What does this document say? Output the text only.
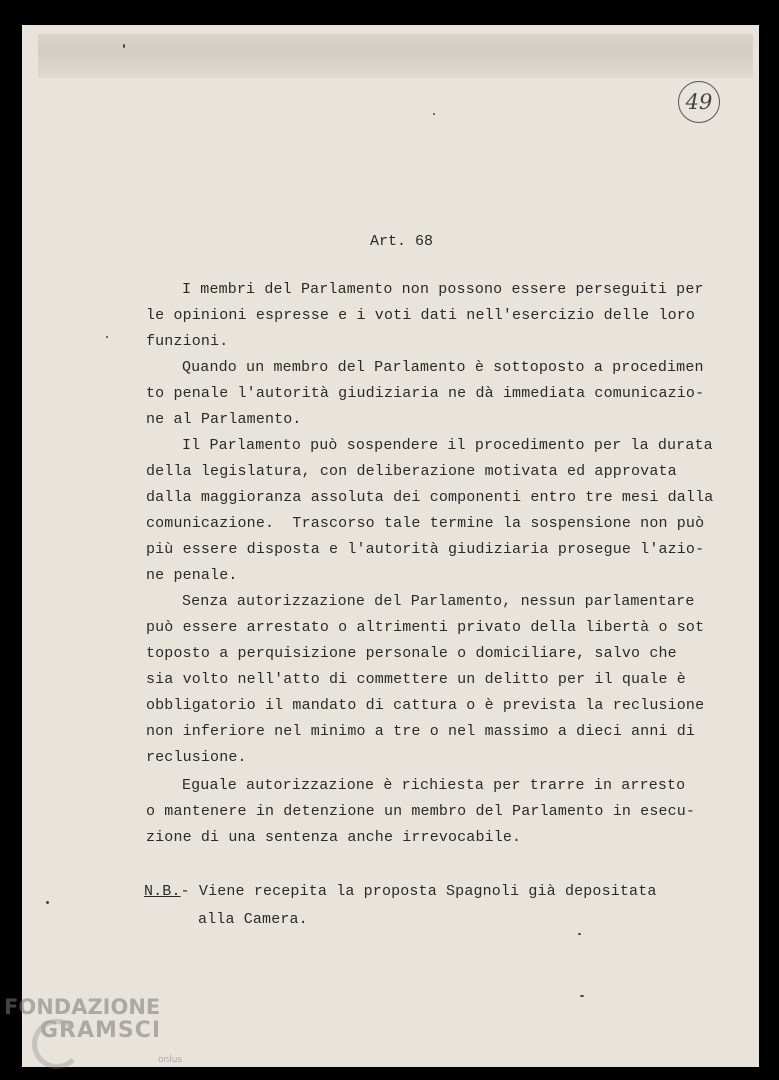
49
Art. 68
I membri del Parlamento non possono essere perseguiti per
le opinioni espresse e i voti dati nell'esercizio delle loro
funzioni.
Quando un membro del Parlamento è sottoposto a procedimen
to penale l'autorità giudiziaria ne dà immediata comunicazio-
ne al Parlamento.
Il Parlamento può sospendere il procedimento per la durata
della legislatura, con deliberazione motivata ed approvata
dalla maggioranza assoluta dei componenti entro tre mesi dalla
comunicazione.  Trascorso tale termine la sospensione non può
più essere disposta e l'autorità giudiziaria prosegue l'azio-
ne penale.
Senza autorizzazione del Parlamento, nessun parlamentare
può essere arrestato o altrimenti privato della libertà o sot
toposto a perquisizione personale o domiciliare, salvo che
sia volto nell'atto di commettere un delitto per il quale è
obbligatorio il mandato di cattura o è prevista la reclusione
non inferiore nel minimo a tre o nel massimo a dieci anni di
reclusione.
Eguale autorizzazione è richiesta per trarre in arresto
o mantenere in detenzione un membro del Parlamento in esecu-
zione di una sentenza anche irrevocabile.
N.B.- Viene recepita la proposta Spagnoli già depositata
alla Camera.
FONDAZIONE
GRAMSCI
onlus
